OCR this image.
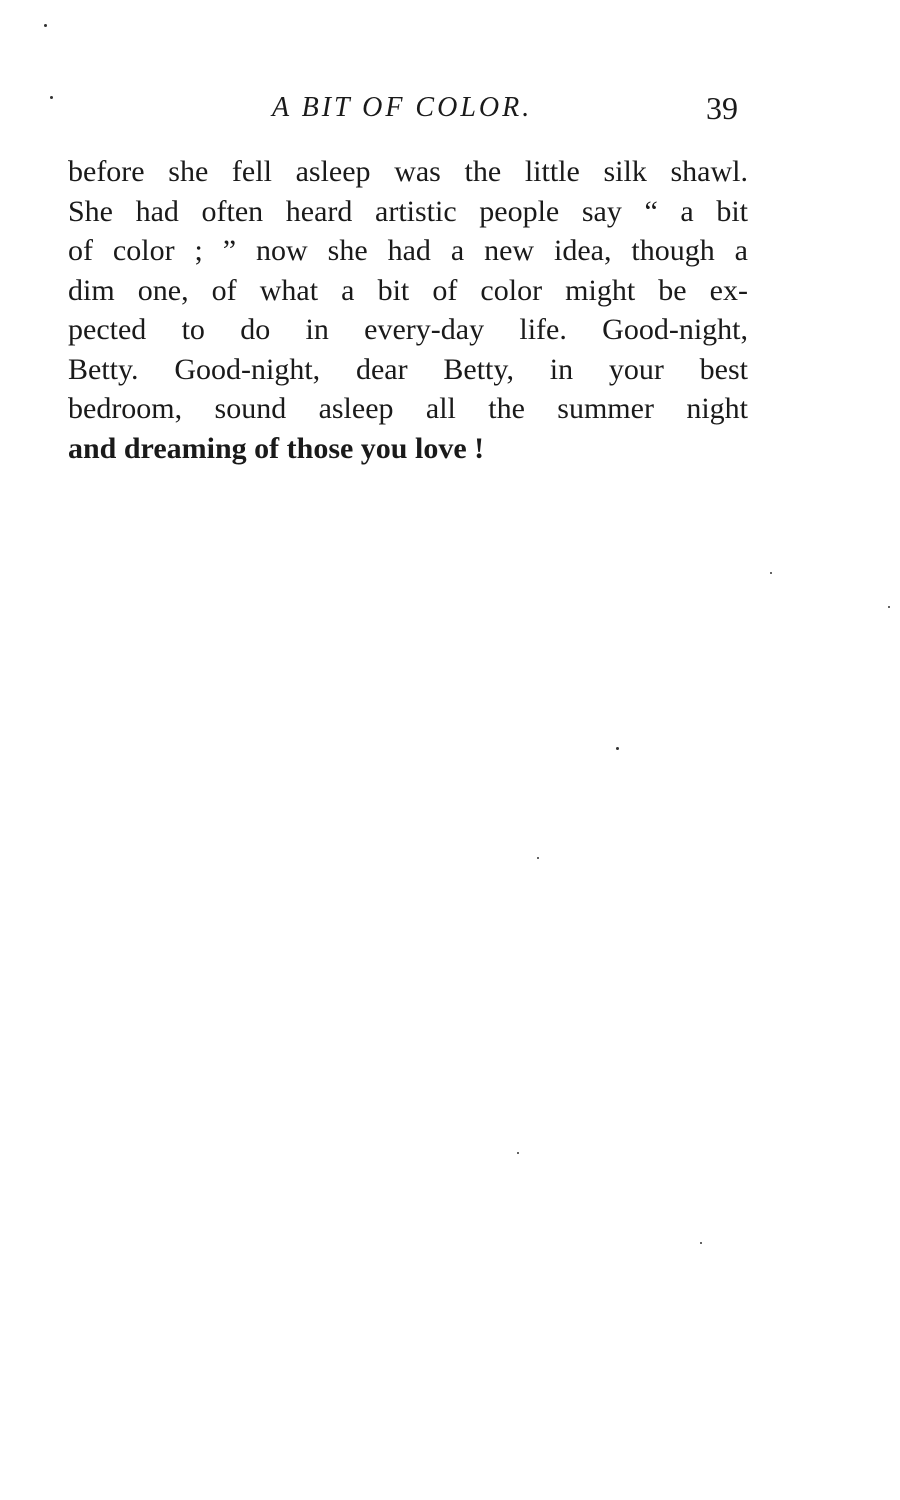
A BIT OF COLOR.	39
before she fell asleep was the little silk shawl.
She had often heard artistic people say “ a bit
of color ; ” now she had a new idea, though a
dim one, of what a bit of color might be ex-
pected to do in every-day life. Good-night,
Betty. Good-night, dear Betty, in your best
bedroom, sound asleep all the summer night
and dreaming of those you love !
